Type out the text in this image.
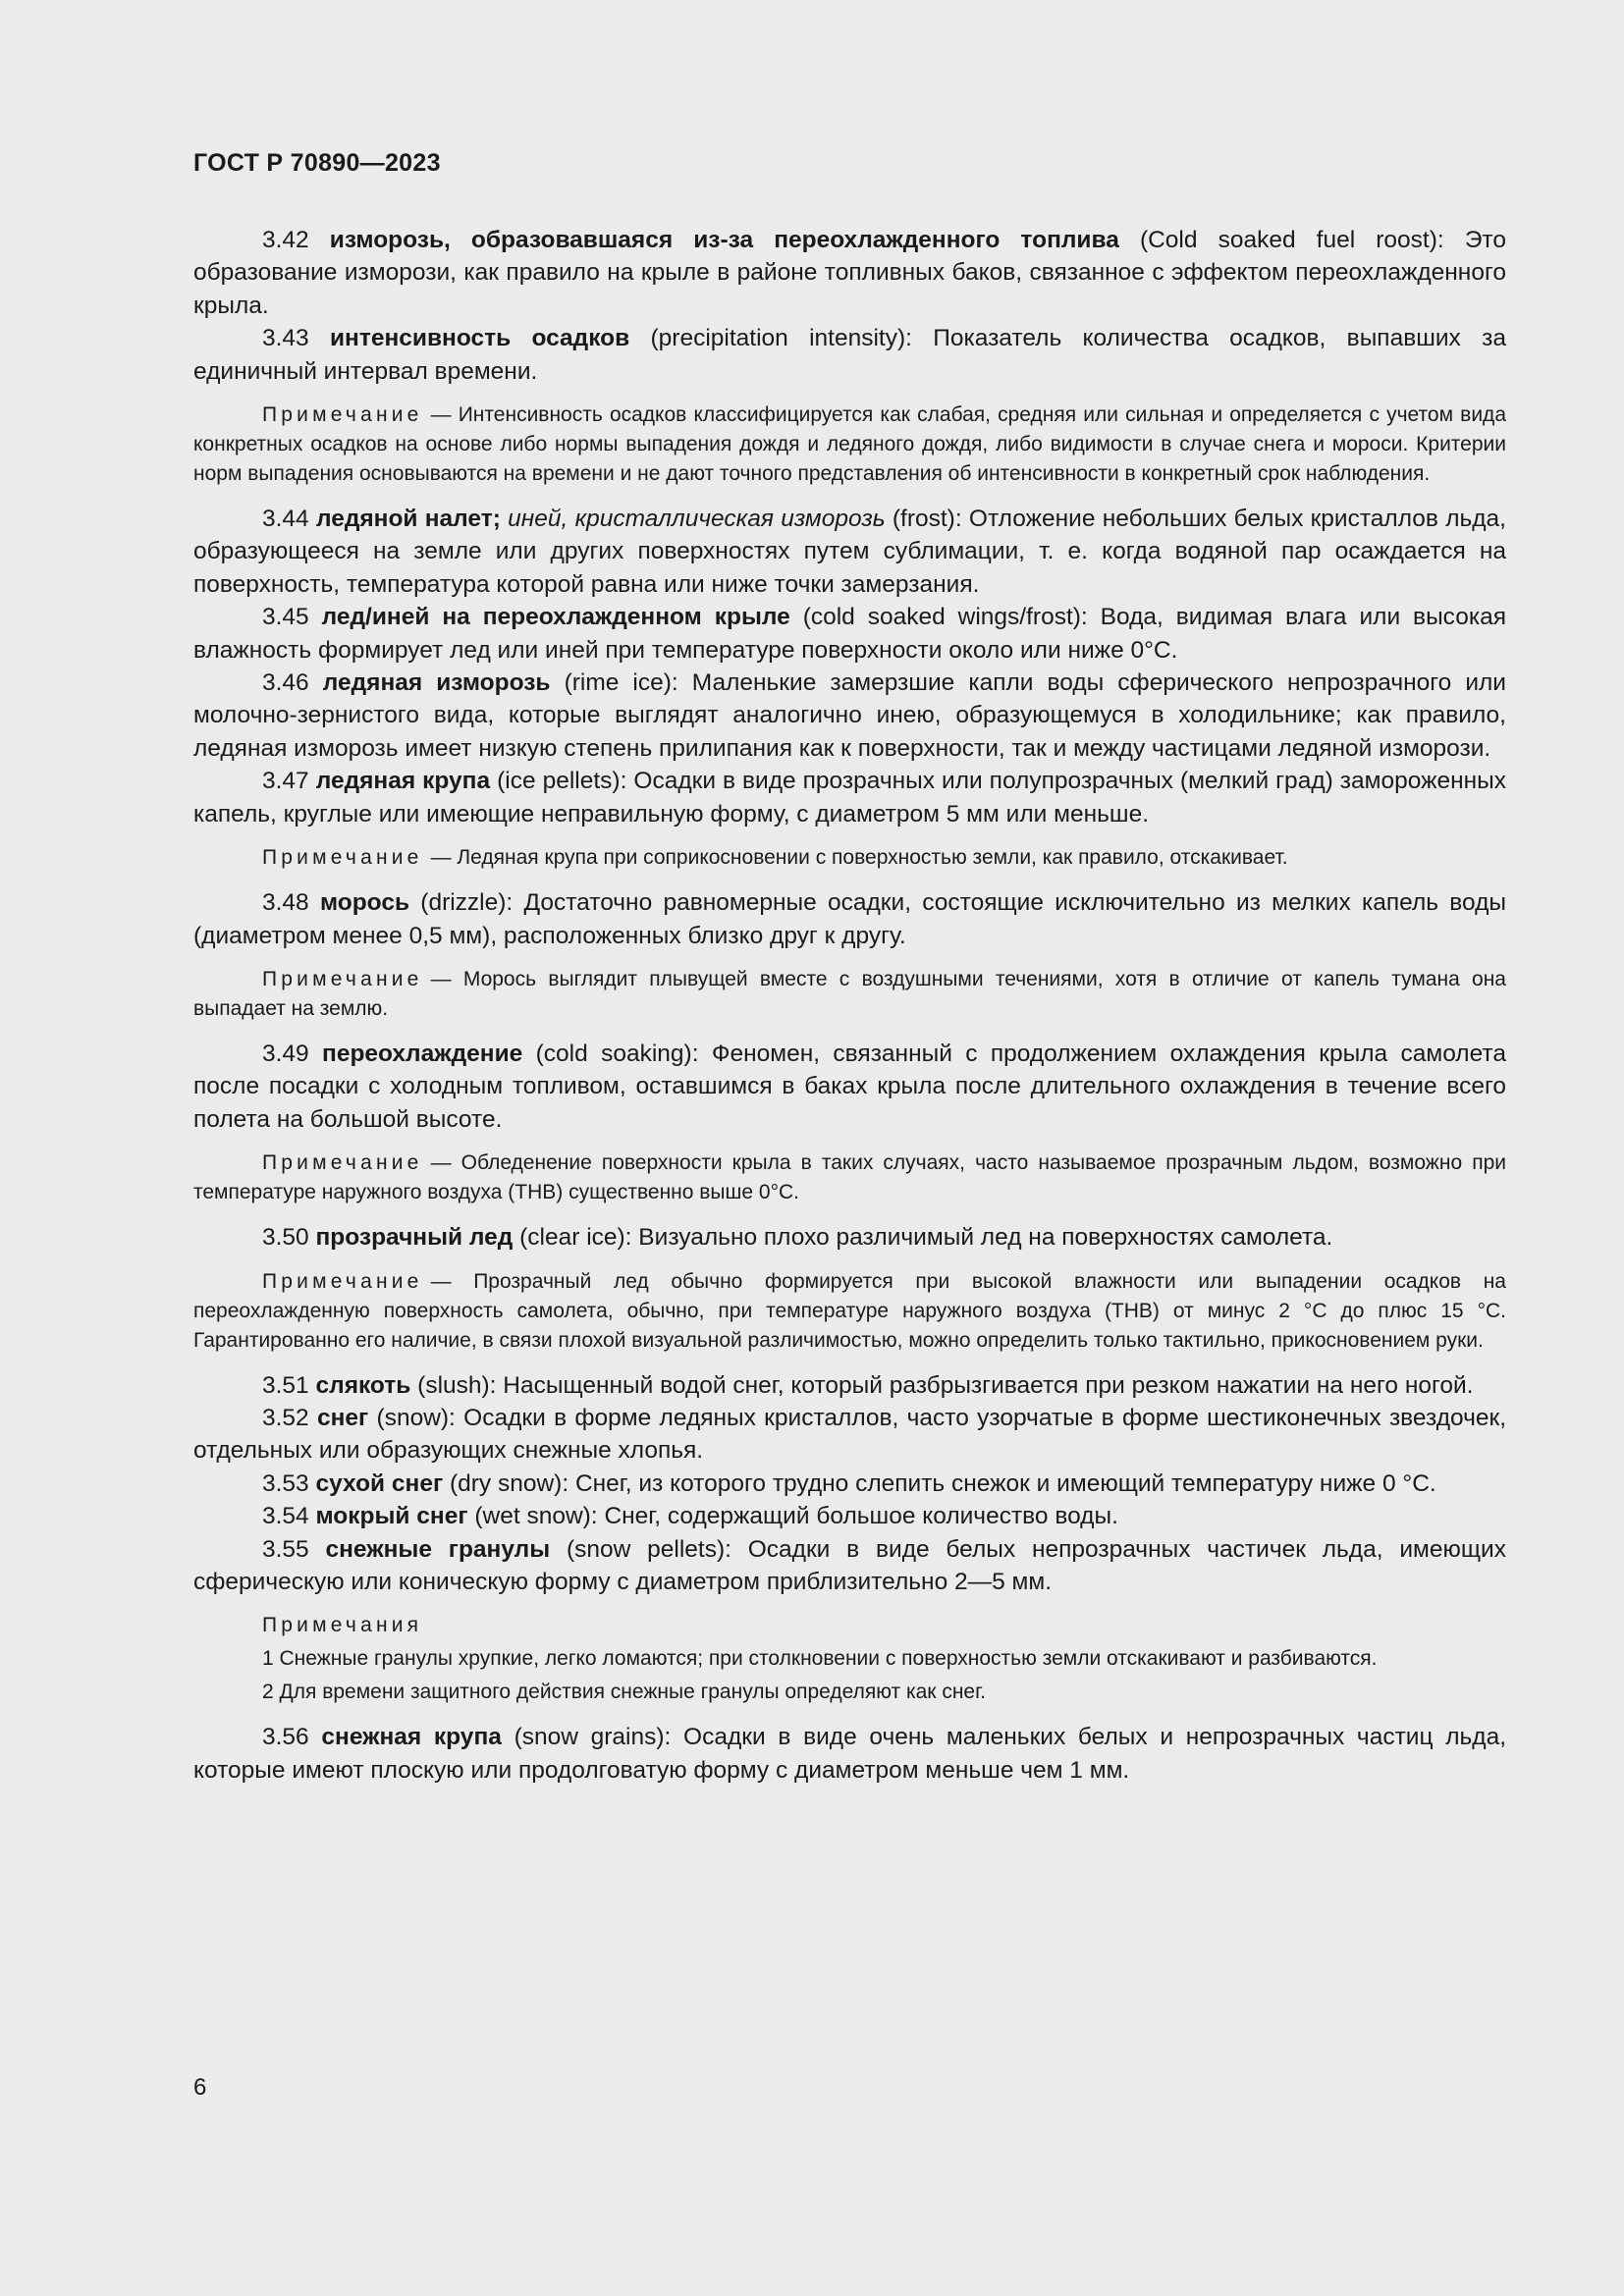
ГОСТ Р 70890—2023

3.42 изморозь, образовавшаяся из-за переохлажденного топлива (Cold soaked fuel roost): Это образование изморози, как правило на крыле в районе топливных баков, связанное с эффектом переохлажденного крыла.

3.43 интенсивность осадков (precipitation intensity): Показатель количества осадков, выпавших за единичный интервал времени.

Примечание — Интенсивность осадков классифицируется как слабая, средняя или сильная и определяется с учетом вида конкретных осадков на основе либо нормы выпадения дождя и ледяного дождя, либо видимости в случае снега и мороси. Критерии норм выпадения основываются на времени и не дают точного представления об интенсивности в конкретный срок наблюдения.

3.44 ледяной налет; иней, кристаллическая изморозь (frost): Отложение небольших белых кристаллов льда, образующееся на земле или других поверхностях путем сублимации, т. е. когда водяной пар осаждается на поверхность, температура которой равна или ниже точки замерзания.

3.45 лед/иней на переохлажденном крыле (cold soaked wings/frost): Вода, видимая влага или высокая влажность формирует лед или иней при температуре поверхности около или ниже 0°С.

3.46 ледяная изморозь (rime ice): Маленькие замерзшие капли воды сферического непрозрачного или молочно-зернистого вида, которые выглядят аналогично инею, образующемуся в холодильнике; как правило, ледяная изморозь имеет низкую степень прилипания как к поверхности, так и между частицами ледяной изморози.

3.47 ледяная крупа (ice pellets): Осадки в виде прозрачных или полупрозрачных (мелкий град) замороженных капель, круглые или имеющие неправильную форму, с диаметром 5 мм или меньше.

Примечание — Ледяная крупа при соприкосновении с поверхностью земли, как правило, отскакивает.

3.48 морось (drizzle): Достаточно равномерные осадки, состоящие исключительно из мелких капель воды (диаметром менее 0,5 мм), расположенных близко друг к другу.

Примечание — Морось выглядит плывущей вместе с воздушными течениями, хотя в отличие от капель тумана она выпадает на землю.

3.49 переохлаждение (cold soaking): Феномен, связанный с продолжением охлаждения крыла самолета после посадки с холодным топливом, оставшимся в баках крыла после длительного охлаждения в течение всего полета на большой высоте.

Примечание — Обледенение поверхности крыла в таких случаях, часто называемое прозрачным льдом, возможно при температуре наружного воздуха (ТНВ) существенно выше 0°С.

3.50 прозрачный лед (clear ice): Визуально плохо различимый лед на поверхностях самолета.

Примечание — Прозрачный лед обычно формируется при высокой влажности или выпадении осадков на переохлажденную поверхность самолета, обычно, при температуре наружного воздуха (ТНВ) от минус 2 °С до плюс 15 °С. Гарантированно его наличие, в связи плохой визуальной различимостью, можно определить только тактильно, прикосновением руки.

3.51 слякоть (slush): Насыщенный водой снег, который разбрызгивается при резком нажатии на него ногой.

3.52 снег (snow): Осадки в форме ледяных кристаллов, часто узорчатые в форме шестиконечных звездочек, отдельных или образующих снежные хлопья.

3.53 сухой снег (dry snow): Снег, из которого трудно слепить снежок и имеющий температуру ниже 0 °С.

3.54 мокрый снег (wet snow): Снег, содержащий большое количество воды.

3.55 снежные гранулы (snow pellets): Осадки в виде белых непрозрачных частичек льда, имеющих сферическую или коническую форму с диаметром приблизительно 2—5 мм.

Примечания

1 Снежные гранулы хрупкие, легко ломаются; при столкновении с поверхностью земли отскакивают и разбиваются.

2 Для времени защитного действия снежные гранулы определяют как снег.

3.56 снежная крупа (snow grains): Осадки в виде очень маленьких белых и непрозрачных частиц льда, которые имеют плоскую или продолговатую форму с диаметром меньше чем 1 мм.

6
